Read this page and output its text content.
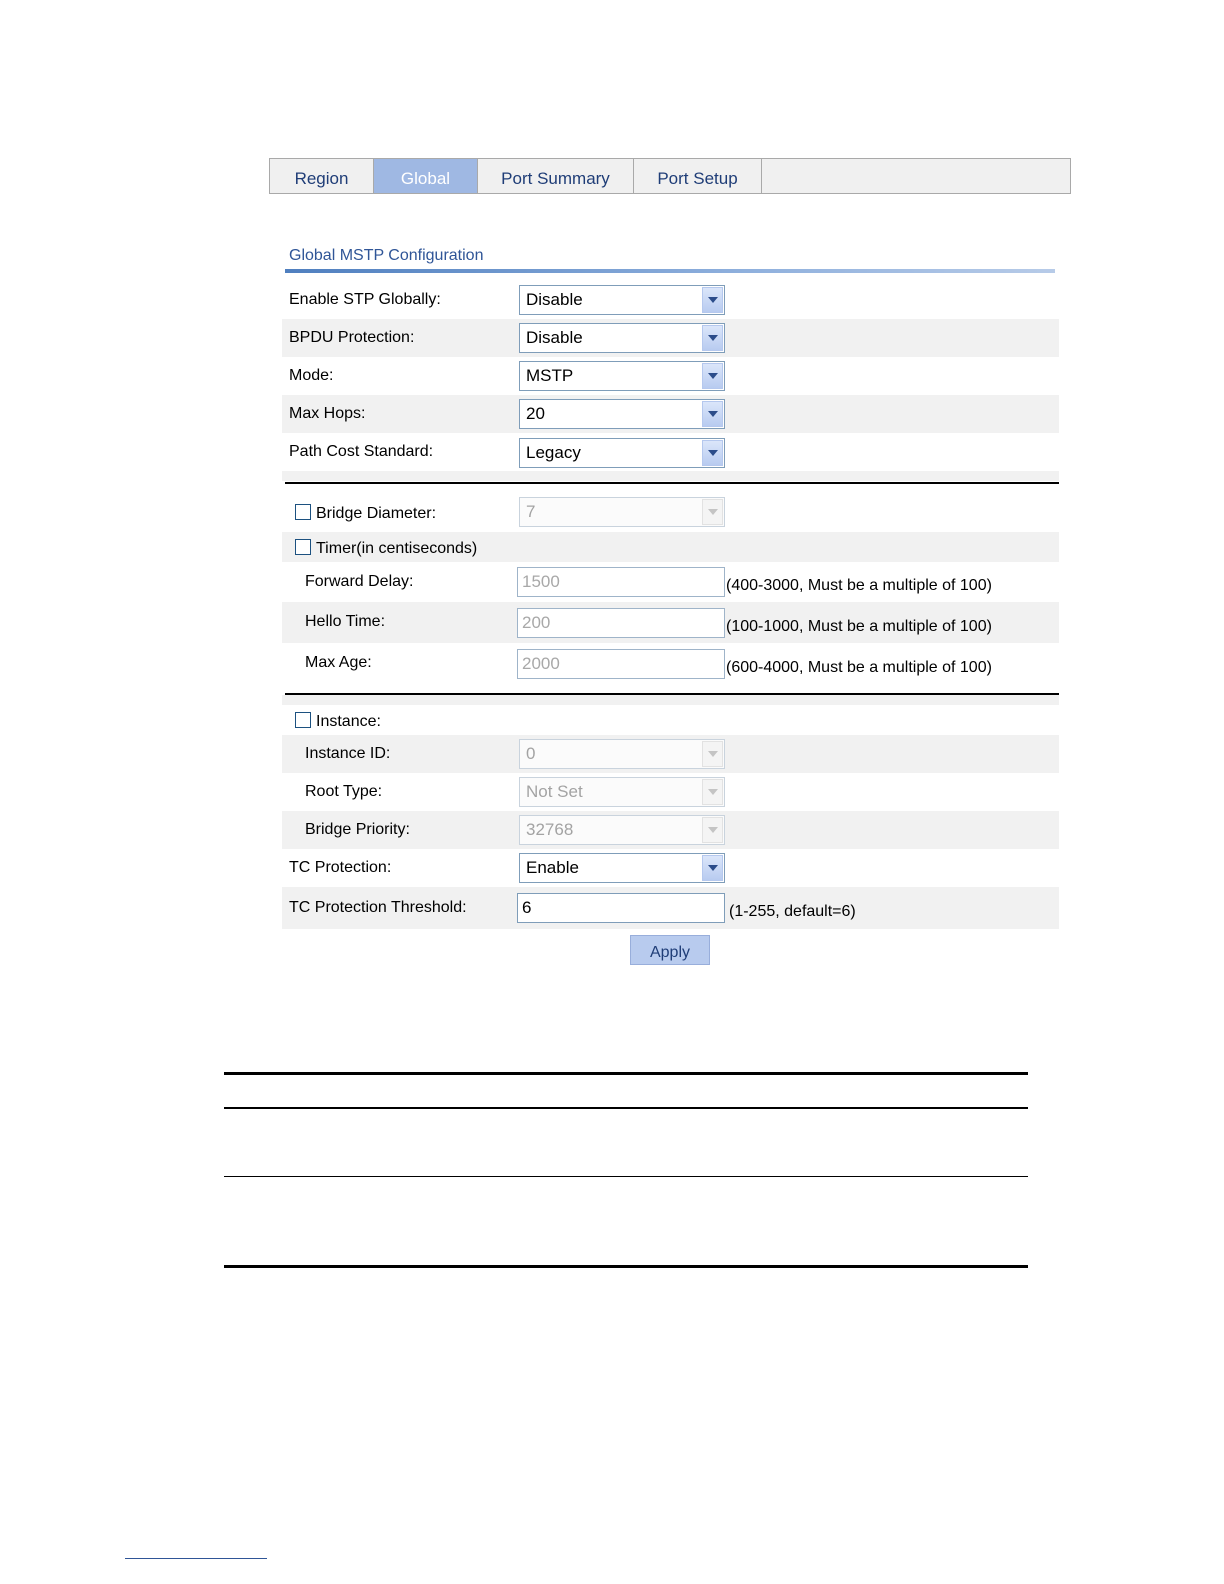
Region	Global	Port Summary	Port Setup
Global MSTP Configuration
Enable STP Globally:	Disable
BPDU Protection:	Disable
Mode:	MSTP
Max Hops:	20
Path Cost Standard:	Legacy
Bridge Diameter:	7
Timer(in centiseconds)
Forward Delay:	1500	(400-3000, Must be a multiple of 100)
Hello Time:	200	(100-1000, Must be a multiple of 100)
Max Age:	2000	(600-4000, Must be a multiple of 100)
Instance:
Instance ID:	0
Root Type:	Not Set
Bridge Priority:	32768
TC Protection:	Enable
TC Protection Threshold:	6	(1-255, default=6)
Apply
